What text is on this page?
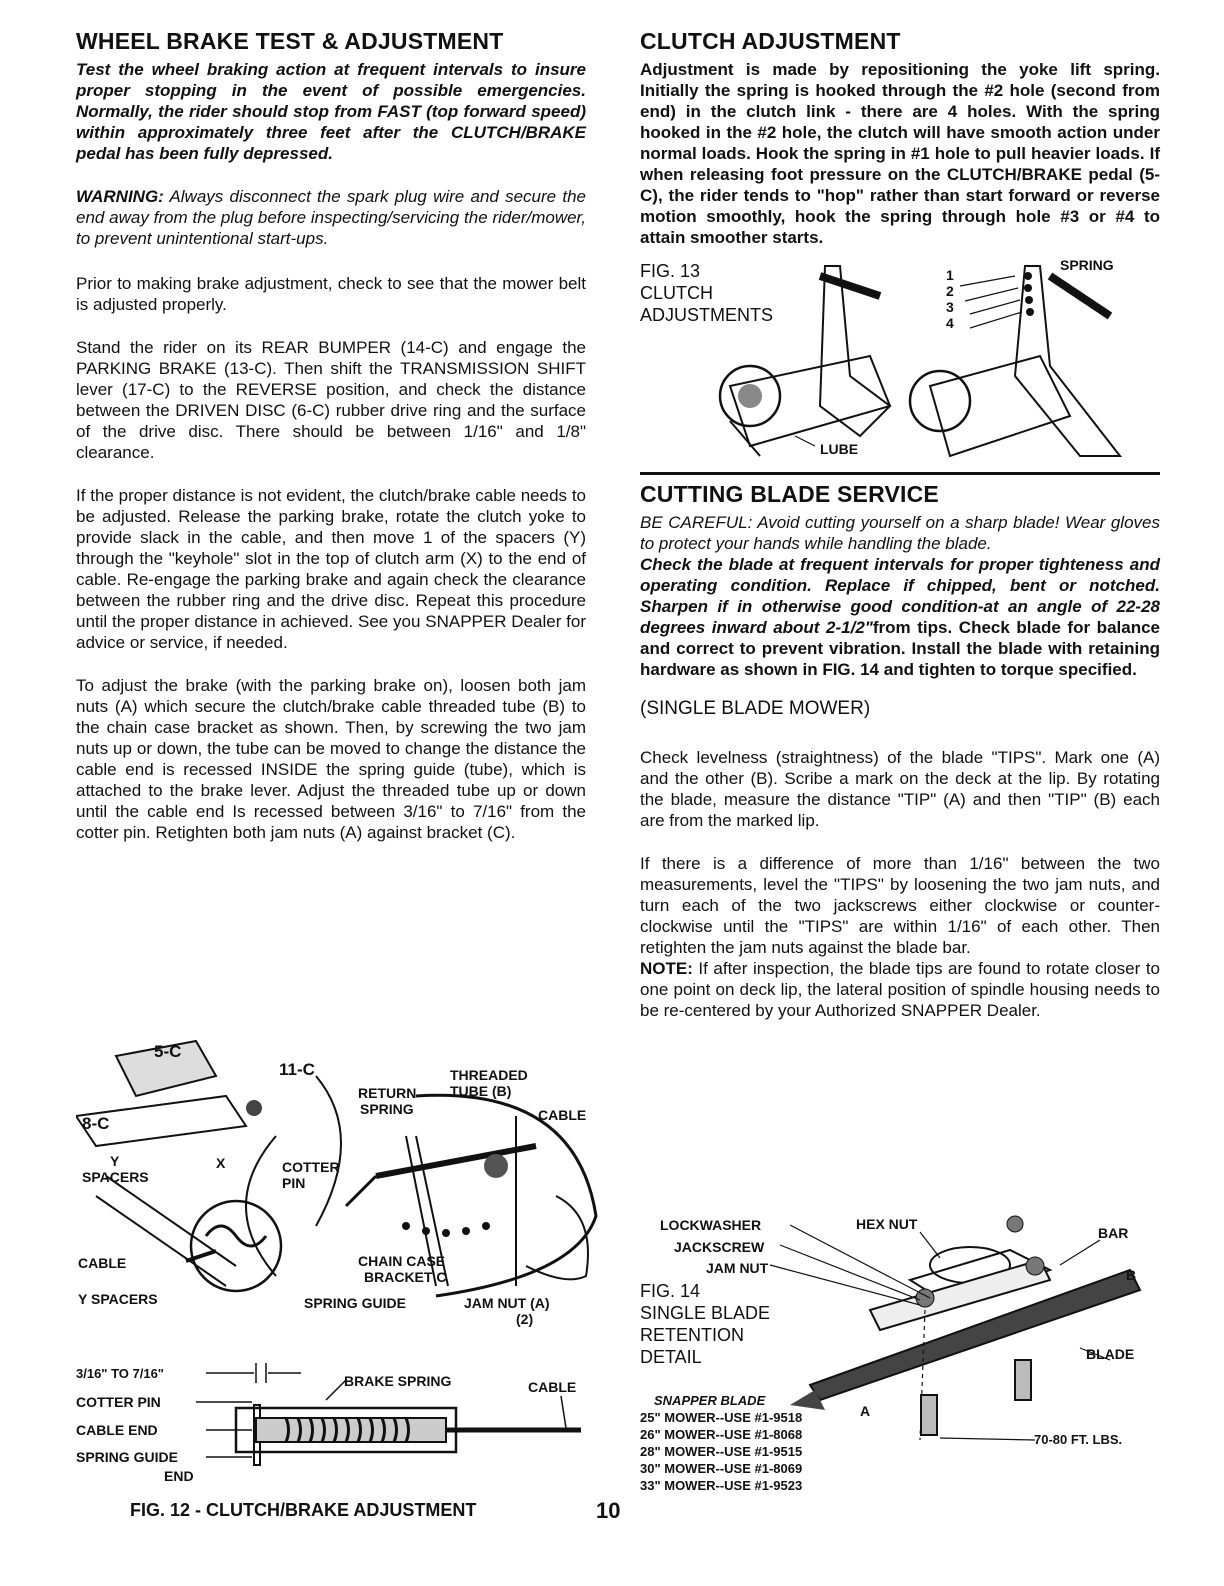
WHEEL BRAKE TEST & ADJUSTMENT

Test the wheel braking action at frequent intervals to insure proper stopping in the event of possible emergencies. Normally, the rider should stop from FAST (top forward speed) within approximately three feet after the CLUTCH/BRAKE pedal has been fully depressed.

WARNING: Always disconnect the spark plug wire and secure the end away from the plug before inspecting/servicing the rider/mower, to prevent unintentional start-ups.

Prior to making brake adjustment, check to see that the mower belt is adjusted properly.

Stand the rider on its REAR BUMPER (14-C) and engage the PARKING BRAKE (13-C). Then shift the TRANSMISSION SHIFT lever (17-C) to the REVERSE position, and check the distance between the DRIVEN DISC (6-C) rubber drive ring and the surface of the drive disc. There should be between 1/16" and 1/8" clearance.

If the proper distance is not evident, the clutch/brake cable needs to be adjusted. Release the parking brake, rotate the clutch yoke to provide slack in the cable, and then move 1 of the spacers (Y) through the "keyhole" slot in the top of clutch arm (X) to the end of cable. Re-engage the parking brake and again check the clearance between the rubber ring and the drive disc. Repeat this procedure until the proper distance in achieved. See you SNAPPER Dealer for advice or service, if needed.

To adjust the brake (with the parking brake on), loosen both jam nuts (A) which secure the clutch/brake cable threaded tube (B) to the chain case bracket as shown. Then, by screwing the two jam nuts up or down, the tube can be moved to change the distance the cable end is recessed INSIDE the spring guide (tube), which is attached to the brake lever. Adjust the threaded tube up or down until the cable end Is recessed between 3/16" to 7/16" from the cotter pin. Retighten both jam nuts (A) against bracket (C).

5-C
11-C
8-C
THREADED
TUBE (B)
RETURN
SPRING	CABLE
Y
SPACERS
X	COTTER
PIN
CABLE	CHAIN CASE
BRACKET C
Y SPACERS	SPRING GUIDE	JAM NUT (A)
(2)
3/16" TO 7/16"
COTTER PIN
CABLE END
SPRING GUIDE
END
BRAKE SPRING	CABLE
FIG. 12 - CLUTCH/BRAKE ADJUSTMENT	10
CLUTCH ADJUSTMENT

Adjustment is made by repositioning the yoke lift spring. Initially the spring is hooked through the #2 hole (second from end) in the clutch link - there are 4 holes. With the spring hooked in the #2 hole, the clutch will have smooth action under normal loads. Hook the spring in #1 hole to pull heavier loads. If when releasing foot pressure on the CLUTCH/BRAKE pedal (5-C), the rider tends to "hop" rather than start forward or reverse motion smoothly, hook the spring through hole #3 or #4 to attain smoother starts.

FIG. 13
CLUTCH
ADJUSTMENTS
1
2
3
4
SPRING
LUBE
CUTTING BLADE SERVICE

BE CAREFUL: Avoid cutting yourself on a sharp blade! Wear gloves to protect your hands while handling the blade.

Check the blade at frequent intervals for proper tighteness and operating condition. Replace if chipped, bent or notched. Sharpen if in otherwise good condition-at an angle of 22-28 degrees inward about 2-1/2"from tips. Check blade for balance and correct to prevent vibration. Install the blade with retaining hardware as shown in FIG. 14 and tighten to torque specified.

(SINGLE BLADE MOWER)

Check levelness (straightness) of the blade "TIPS". Mark one (A) and the other (B). Scribe a mark on the deck at the lip. By rotating the blade, measure the distance "TIP" (A) and then "TIP" (B) each are from the marked lip.

If there is a difference of more than 1/16" between the two measurements, level the "TIPS" by loosening the two jam nuts, and turn each of the two jackscrews either clockwise or counter-clockwise until the "TIPS" are within 1/16" of each other. Then retighten the jam nuts against the blade bar.

NOTE: If after inspection, the blade tips are found to rotate closer to one point on deck lip, the lateral position of spindle housing needs to be re-centered by your Authorized SNAPPER Dealer.

LOCKWASHER
JACKSCREW
JAM NUT
HEX NUT
BAR
B
A
BLADE
70-80 FT. LBS.
FIG. 14
SINGLE BLADE
RETENTION
DETAIL
SNAPPER BLADE
25" MOWER--USE #1-9518
26" MOWER--USE #1-8068
28" MOWER--USE #1-9515
30" MOWER--USE #1-8069
33" MOWER--USE #1-9523
